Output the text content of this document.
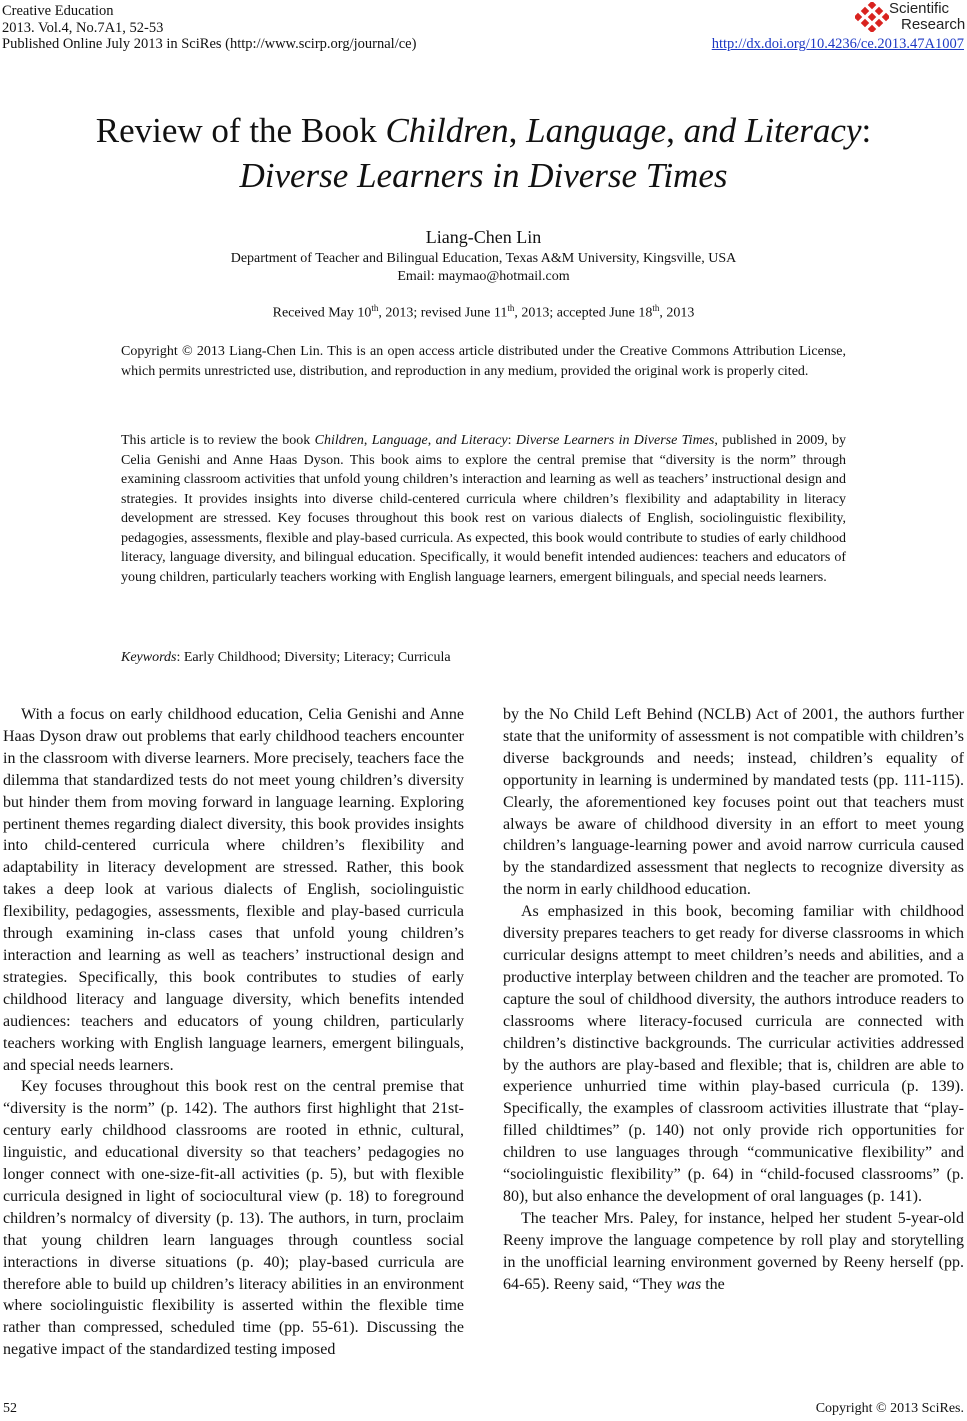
Creative Education
2013. Vol.4, No.7A1, 52-53
Published Online July 2013 in SciRes (http://www.scirp.org/journal/ce)	http://dx.doi.org/10.4236/ce.2013.47A1007
Scientific
Research
Review of the Book Children, Language, and Literacy:
Diverse Learners in Diverse Times
Liang-Chen Lin
Department of Teacher and Bilingual Education, Texas A&M University, Kingsville, USA
Email: maymao@hotmail.com
Received May 10th, 2013; revised June 11th, 2013; accepted June 18th, 2013
Copyright © 2013 Liang-Chen Lin. This is an open access article distributed under the Creative Commons Attribution License, which permits unrestricted use, distribution, and reproduction in any medium, provided the original work is properly cited.
This article is to review the book Children, Language, and Literacy: Diverse Learners in Diverse Times, published in 2009, by Celia Genishi and Anne Haas Dyson. This book aims to explore the central premise that “diversity is the norm” through examining classroom activities that unfold young children’s interaction and learning as well as teachers’ instructional design and strategies. It provides insights into diverse child-centered curricula where children’s flexibility and adaptability in literacy development are stressed. Key focuses throughout this book rest on various dialects of English, sociolinguistic flexibility, pedagogies, assessments, flexible and play-based curricula. As expected, this book would contribute to studies of early childhood literacy, language diversity, and bilingual education. Specifically, it would benefit intended audiences: teachers and educators of young children, particularly teachers working with English language learners, emergent bilinguals, and special needs learners.
Keywords: Early Childhood; Diversity; Literacy; Curricula

With a focus on early childhood education, Celia Genishi and Anne Haas Dyson draw out problems that early childhood teachers encounter in the classroom with diverse learners. More precisely, teachers face the dilemma that standardized tests do not meet young children’s diversity but hinder them from moving forward in language learning. Exploring pertinent themes regarding dialect diversity, this book provides insights into child-centered curricula where children’s flexibility and adaptability in literacy development are stressed. Rather, this book takes a deep look at various dialects of English, sociolinguistic flexibility, pedagogies, assessments, flexible and play-based curricula through examining in-class cases that unfold young children’s interaction and learning as well as teachers’ instructional design and strategies. Specifically, this book contributes to studies of early childhood literacy and language diversity, which benefits intended audiences: teachers and educators of young children, particularly teachers working with English language learners, emergent bilinguals, and special needs learners.

Key focuses throughout this book rest on the central premise that “diversity is the norm” (p. 142). The authors first highlight that 21st-century early childhood classrooms are rooted in ethnic, cultural, linguistic, and educational diversity so that teachers’ pedagogies no longer connect with one-size-fit-all activities (p. 5), but with flexible curricula designed in light of sociocultural view (p. 18) to foreground children’s normalcy of diversity (p. 13). The authors, in turn, proclaim that young children learn languages through countless social interactions in diverse situations (p. 40); play-based curricula are therefore able to build up children’s literacy abilities in an environment where sociolinguistic flexibility is asserted within the flexible time rather than compressed, scheduled time (pp. 55-61). Discussing the negative impact of the standardized testing imposed

by the No Child Left Behind (NCLB) Act of 2001, the authors further state that the uniformity of assessment is not compatible with children’s diverse backgrounds and needs; instead, children’s equality of opportunity in learning is undermined by mandated tests (pp. 111-115). Clearly, the aforementioned key focuses point out that teachers must always be aware of childhood diversity in an effort to meet young children’s language-learning power and avoid narrow curricula caused by the standardized assessment that neglects to recognize diversity as the norm in early childhood education.

As emphasized in this book, becoming familiar with childhood diversity prepares teachers to get ready for diverse classrooms in which curricular designs attempt to meet children’s needs and abilities, and a productive interplay between children and the teacher are promoted. To capture the soul of childhood diversity, the authors introduce readers to classrooms where literacy-focused curricula are connected with children’s distinctive backgrounds. The curricular activities addressed by the authors are play-based and flexible; that is, children are able to experience unhurried time within play-based curricula (p. 139). Specifically, the examples of classroom activities illustrate that “play-filled childtimes” (p. 140) not only provide rich opportunities for children to use languages through “communicative flexibility” and “sociolinguistic flexibility” (p. 64) in “child-focused classrooms” (p. 80), but also enhance the development of oral languages (p. 141).

The teacher Mrs. Paley, for instance, helped her student 5-year-old Reeny improve the language competence by roll play and storytelling in the unofficial learning environment governed by Reeny herself (pp. 64-65). Reeny said, “They was the

52	Copyright © 2013 SciRes.
